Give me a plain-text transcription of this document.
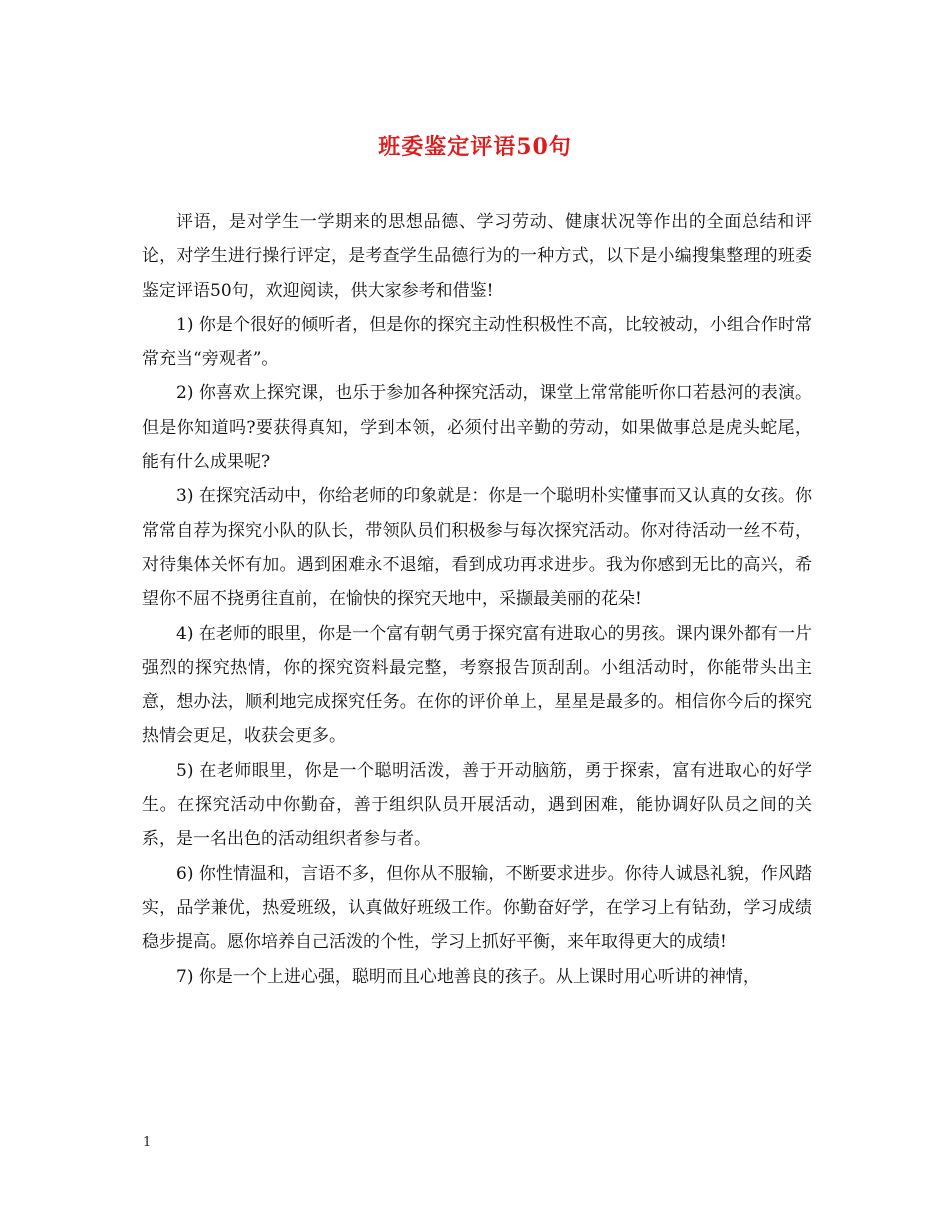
班委鉴定评语50句

评语，是对学生一学期来的思想品德、学习劳动、健康状况等作出的全面总结和评论，对学生进行操行评定，是考查学生品德行为的一种方式，以下是小编搜集整理的班委鉴定评语50句，欢迎阅读，供大家参考和借鉴!

1) 你是个很好的倾听者，但是你的探究主动性积极性不高，比较被动，小组合作时常常充当“旁观者”。

2) 你喜欢上探究课，也乐于参加各种探究活动，课堂上常常能听你口若悬河的表演。但是你知道吗?要获得真知，学到本领，必须付出辛勤的劳动，如果做事总是虎头蛇尾，能有什么成果呢?

3) 在探究活动中，你给老师的印象就是：你是一个聪明朴实懂事而又认真的女孩。你常常自荐为探究小队的队长，带领队员们积极参与每次探究活动。你对待活动一丝不苟，对待集体关怀有加。遇到困难永不退缩，看到成功再求进步。我为你感到无比的高兴，希望你不屈不挠勇往直前，在愉快的探究天地中，采撷最美丽的花朵!

4) 在老师的眼里，你是一个富有朝气勇于探究富有进取心的男孩。课内课外都有一片强烈的探究热情，你的探究资料最完整，考察报告顶刮刮。小组活动时，你能带头出主意，想办法，顺利地完成探究任务。在你的评价单上，星星是最多的。相信你今后的探究热情会更足，收获会更多。

5) 在老师眼里，你是一个聪明活泼，善于开动脑筋，勇于探索，富有进取心的好学生。在探究活动中你勤奋，善于组织队员开展活动，遇到困难，能协调好队员之间的关系，是一名出色的活动组织者参与者。

6) 你性情温和，言语不多，但你从不服输，不断要求进步。你待人诚恳礼貌，作风踏实，品学兼优，热爱班级，认真做好班级工作。你勤奋好学，在学习上有钻劲，学习成绩稳步提高。愿你培养自己活泼的个性，学习上抓好平衡，来年取得更大的成绩!

7) 你是一个上进心强，聪明而且心地善良的孩子。从上课时用心听讲的神情，

1
